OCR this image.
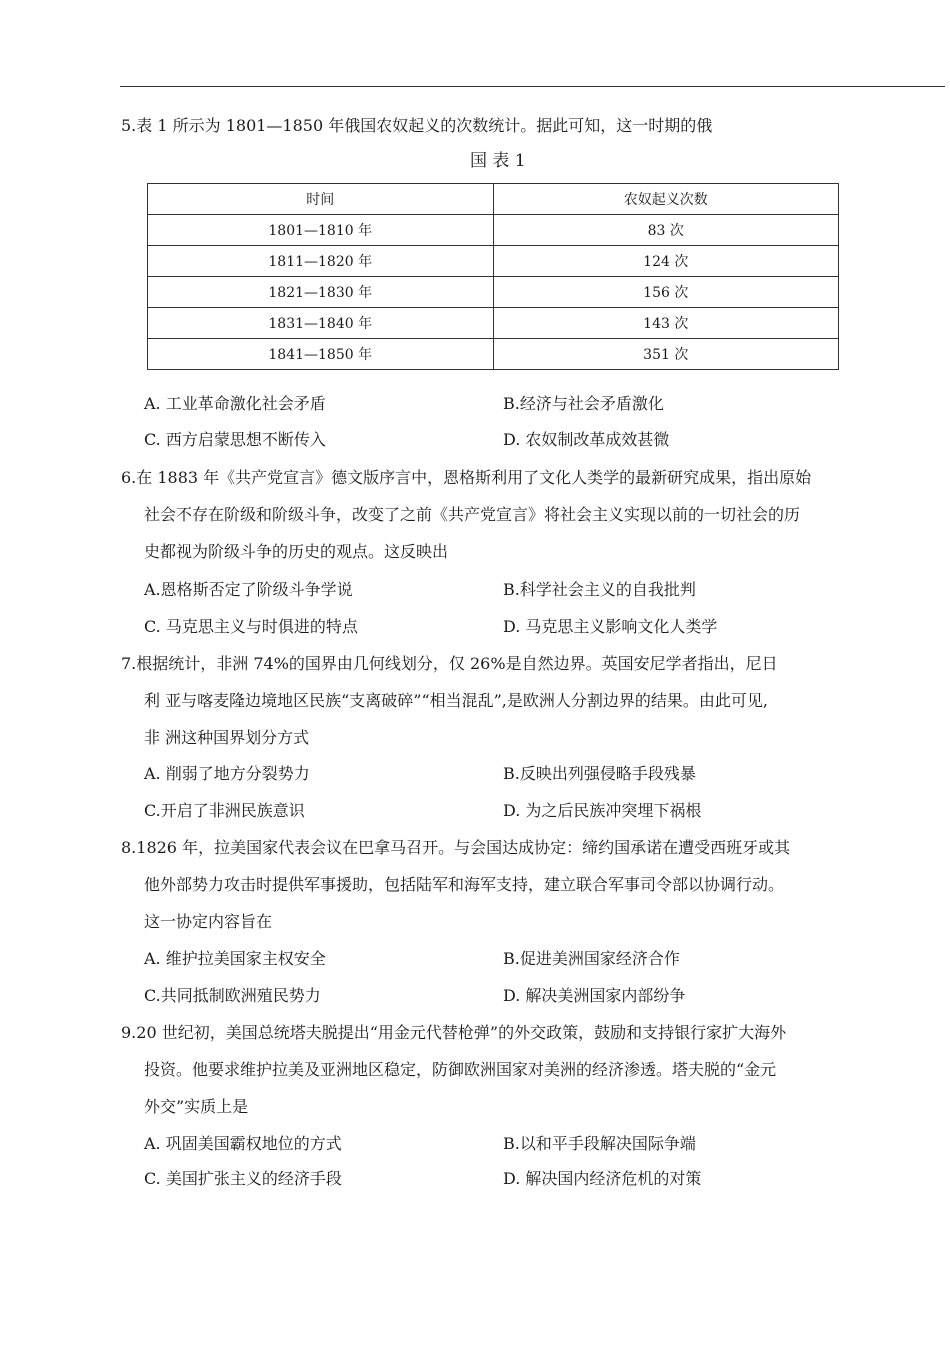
5.表 1 所示为 1801—1850 年俄国农奴起义的次数统计。据此可知，这一时期的俄
国 表 1
时间	农奴起义次数
1801—1810 年	83 次
1811—1820 年	124 次
1821—1830 年	156 次
1831—1840 年	143 次
1841—1850 年	351 次
A. 工业革命激化社会矛盾	B.经济与社会矛盾激化
C. 西方启蒙思想不断传入	D. 农奴制改革成效甚微
6.在 1883 年《共产党宣言》德文版序言中，恩格斯利用了文化人类学的最新研究成果，指出原始
社会不存在阶级和阶级斗争，改变了之前《共产党宣言》将社会主义实现以前的一切社会的历
史都视为阶级斗争的历史的观点。这反映出
A.恩格斯否定了阶级斗争学说	B.科学社会主义的自我批判
C. 马克思主义与时俱进的特点	D. 马克思主义影响文化人类学
7.根据统计，非洲 74%的国界由几何线划分，仅 26%是自然边界。英国安尼学者指出，尼日
利 亚与喀麦隆边境地区民族“支离破碎”“相当混乱”,是欧洲人分割边界的结果。由此可见,
非 洲这种国界划分方式
A. 削弱了地方分裂势力	B.反映出列强侵略手段残暴
C.开启了非洲民族意识	D. 为之后民族冲突埋下祸根
8.1826 年，拉美国家代表会议在巴拿马召开。与会国达成协定：缔约国承诺在遭受西班牙或其
他外部势力攻击时提供军事援助，包括陆军和海军支持，建立联合军事司令部以协调行动。
这一协定内容旨在
A. 维护拉美国家主权安全	B.促进美洲国家经济合作
C.共同抵制欧洲殖民势力	D. 解决美洲国家内部纷争
9.20 世纪初，美国总统塔夫脱提出“用金元代替枪弹”的外交政策，鼓励和支持银行家扩大海外
投资。他要求维护拉美及亚洲地区稳定，防御欧洲国家对美洲的经济渗透。塔夫脱的“金元
外交”实质上是
A. 巩固美国霸权地位的方式	B.以和平手段解决国际争端
C. 美国扩张主义的经济手段	D. 解决国内经济危机的对策
